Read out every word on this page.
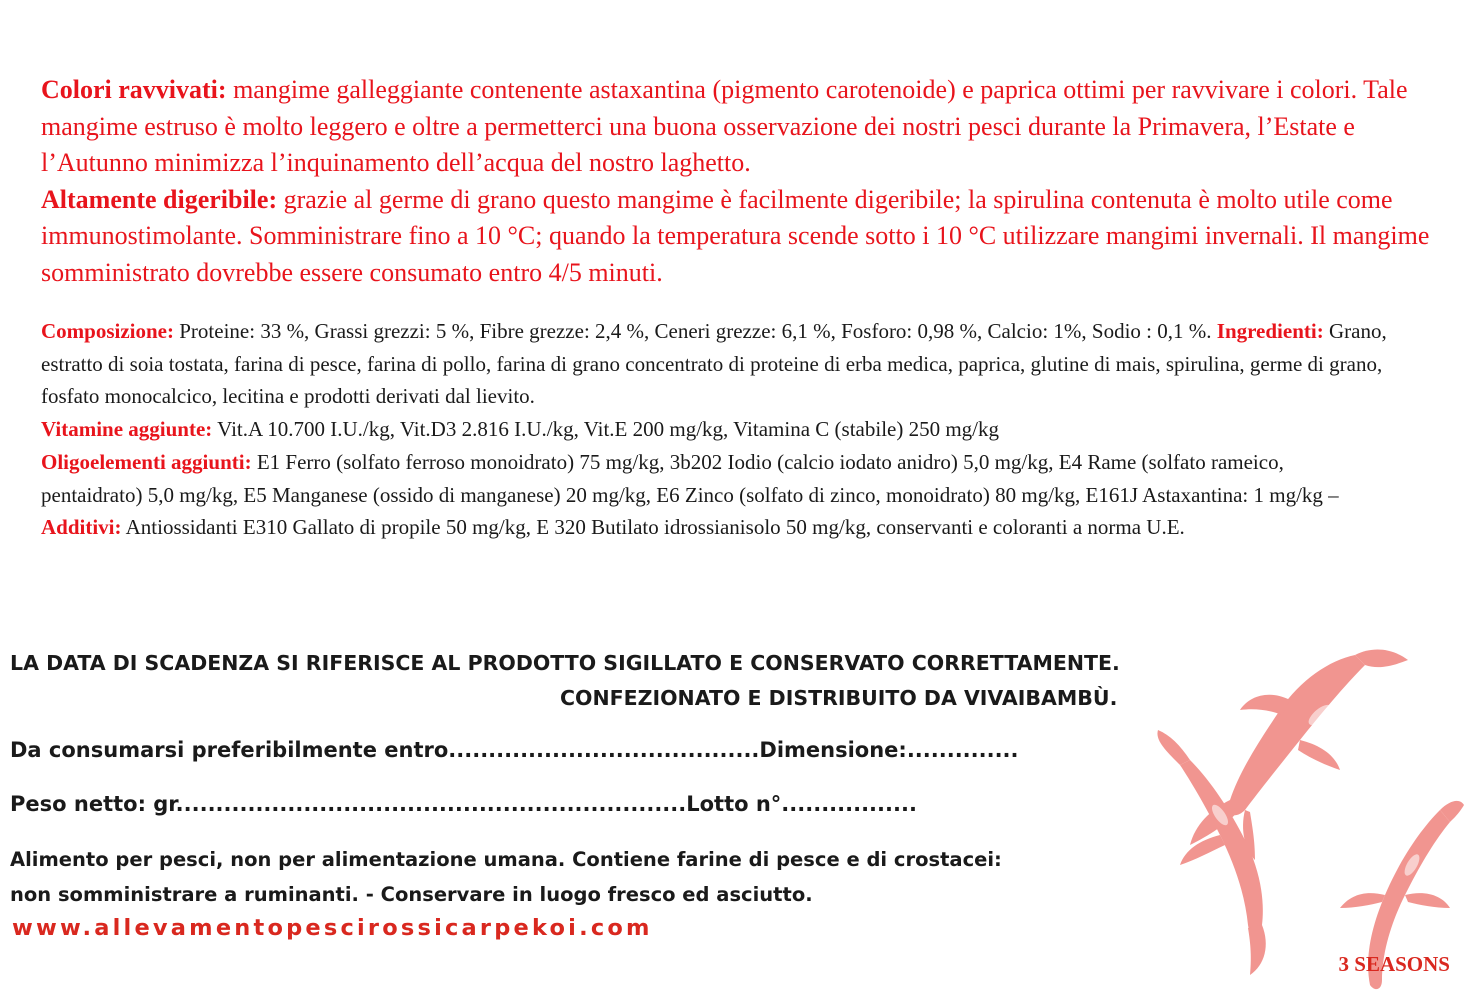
Colori ravvivati: mangime galleggiante contenente astaxantina (pigmento carotenoide) e paprica ottimi per ravvivare i colori. Tale mangime estruso è molto leggero e oltre a permetterci una buona osservazione dei nostri pesci durante la Primavera, l’Estate e l’Autunno minimizza l’inquinamento dell’acqua del nostro laghetto.

Altamente digeribile: grazie al germe di grano questo mangime è facilmente digeribile; la spirulina contenuta è molto utile come immunostimolante. Somministrare fino a 10 °C; quando la temperatura scende sotto i 10 °C utilizzare mangimi invernali. Il mangime somministrato dovrebbe essere consumato entro 4/5 minuti.

Composizione: Proteine: 33 %, Grassi grezzi: 5 %, Fibre grezze: 2,4 %, Ceneri grezze: 6,1 %, Fosforo: 0,98 %, Calcio: 1%, Sodio : 0,1 %. Ingredienti: Grano, estratto di soia tostata, farina di pesce, farina di pollo, farina di grano concentrato di proteine di erba medica, paprica, glutine di mais, spirulina, germe di grano, fosfato monocalcico, lecitina e prodotti derivati dal lievito.

Vitamine aggiunte: Vit.A 10.700 I.U./kg, Vit.D3 2.816 I.U./kg, Vit.E 200 mg/kg, Vitamina C (stabile) 250 mg/kg

Oligoelementi aggiunti: E1 Ferro (solfato ferroso monoidrato) 75 mg/kg, 3b202 Iodio (calcio iodato anidro) 5,0 mg/kg, E4 Rame (solfato rameico, pentaidrato) 5,0 mg/kg, E5 Manganese (ossido di manganese) 20 mg/kg, E6 Zinco (solfato di zinco, monoidrato) 80 mg/kg, E161J Astaxantina: 1 mg/kg – Additivi: Antiossidanti E310 Gallato di propile 50 mg/kg, E 320 Butilato idrossianisolo 50 mg/kg, conservanti e coloranti a norma U.E.

LA DATA DI SCADENZA SI RIFERISCE AL PRODOTTO SIGILLATO E CONSERVATO CORRETTAMENTE.
CONFEZIONATO E DISTRIBUITO DA VIVAIBAMBÙ.
Da consumarsi preferibilmente entro.......................................Dimensione:..............
Peso netto: gr................................................................Lotto n°.................
Alimento per pesci, non per alimentazione umana. Contiene farine di pesce e di crostacei:
non somministrare a ruminanti. - Conservare in luogo fresco ed asciutto.
www.allevamentopescirossicarpekoi.com
3 SEASONS
